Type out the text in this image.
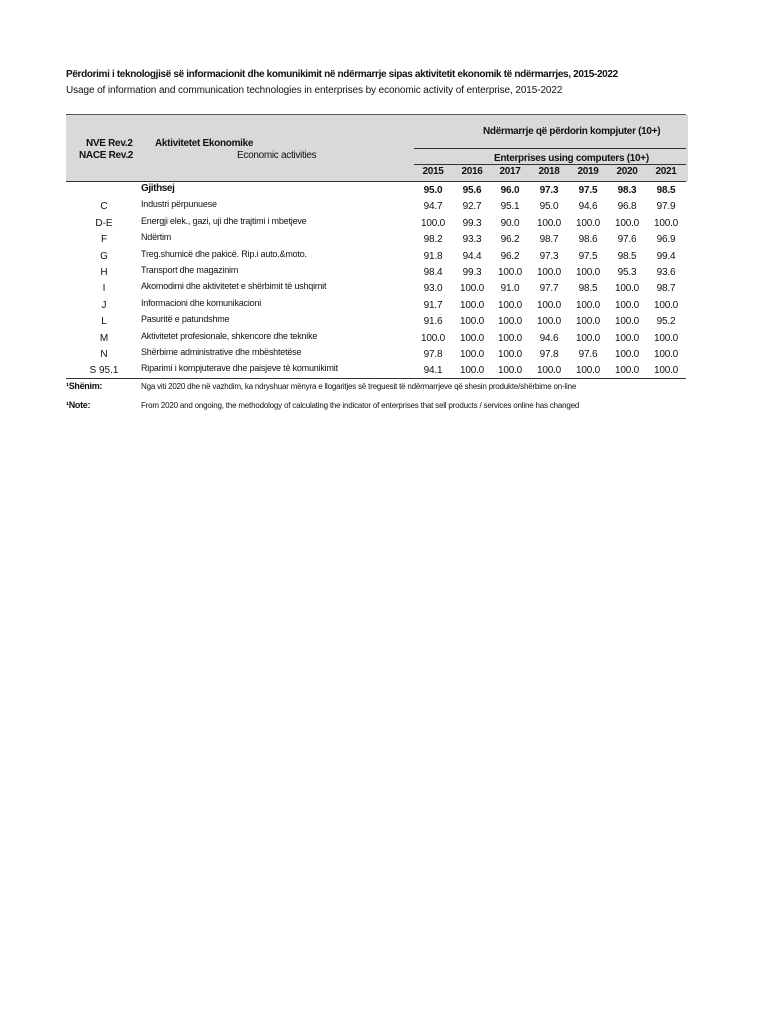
Përdorimi i teknologjisë së informacionit dhe komunikimit në ndërmarrje sipas aktivitetit ekonomik të ndërmarrjes, 2015-2022
Usage of information and communication technologies in enterprises by economic activity of enterprise, 2015-2022
NVE Rev.2
NACE Rev.2
Aktivitetet Ekonomike
Economic activities
Ndërmarrje që përdorin kompjuter (10+)
Enterprises using computers (10+)
2015	2016	2017	2018	2019	2020	2021
Gjithsej	95.0	95.6	96.0	97.3	97.5	98.3	98.5
C	Industri përpunuese	94.7	92.7	95.1	95.0	94.6	96.8	97.9
D-E	Energji elek., gazi, uji dhe trajtimi i mbetjeve	100.0	99.3	90.0	100.0	100.0	100.0	100.0
F	Ndërtim	98.2	93.3	96.2	98.7	98.6	97.6	96.9
G	Treg.shumicë dhe pakicë. Rip.i auto.&moto.	91.8	94.4	96.2	97.3	97.5	98.5	99.4
H	Transport dhe magazinim	98.4	99.3	100.0	100.0	100.0	95.3	93.6
I	Akomodimi dhe aktivitetet e shërbimit të ushqimit	93.0	100.0	91.0	97.7	98.5	100.0	98.7
J	Informacioni dhe komunikacioni	91.7	100.0	100.0	100.0	100.0	100.0	100.0
L	Pasuritë e patundshme	91.6	100.0	100.0	100.0	100.0	100.0	95.2
M	Aktivitetet profesionale, shkencore dhe teknike	100.0	100.0	100.0	94.6	100.0	100.0	100.0
N	Shërbime administrative dhe mbështetëse	97.8	100.0	100.0	97.8	97.6	100.0	100.0
S 95.1	Riparimi i kompjuterave dhe paisjeve të komunikimit	94.1	100.0	100.0	100.0	100.0	100.0	100.0
¹Shënim:	Nga viti 2020 dhe në vazhdim, ka ndryshuar mënyra e llogaritjes së treguesit të ndërmarrjeve që shesin produkte/shërbime on-line
¹Note:	From 2020 and ongoing, the methodology of calculating the indicator of enterprises that sell products / services online has changed
